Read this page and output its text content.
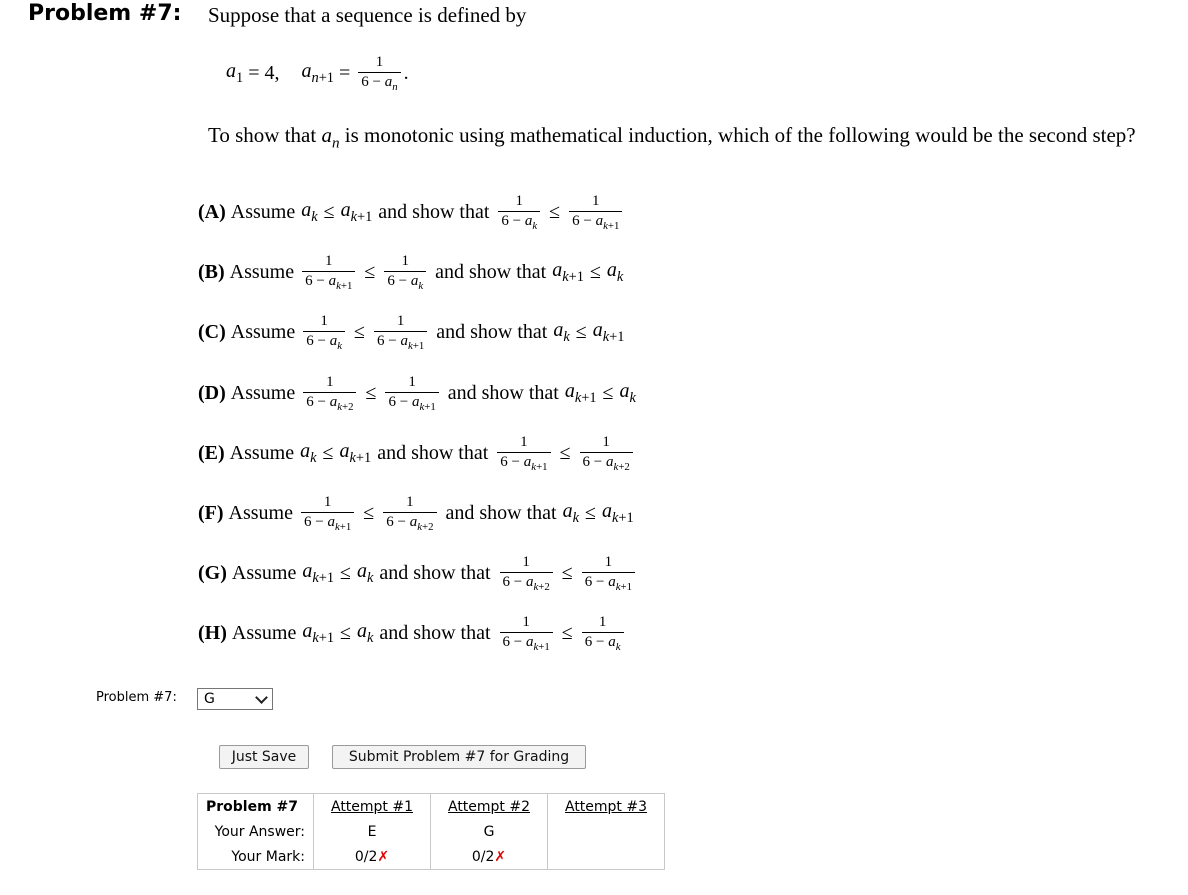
Problem #7: Suppose that a sequence is defined by
$a_1 = 4$, $a_{n+1} = \frac{1}{6 - a_n}$ .
To show that $a_n$ is monotonic using mathematical induction, which of the following would be the second step?
(A) Assume $a_k \le a_{k+1}$ and show that $\frac{1}{6 - a_k} \le \frac{1}{6 - a_{k+1}}$
(B) Assume $\frac{1}{6 - a_{k+1}} \le \frac{1}{6 - a_k}$ and show that $a_{k+1} \le a_k$
(C) Assume $\frac{1}{6 - a_k} \le \frac{1}{6 - a_{k+1}}$ and show that $a_k \le a_{k+1}$
(D) Assume $\frac{1}{6 - a_{k+2}} \le \frac{1}{6 - a_{k+1}}$ and show that $a_{k+1} \le a_k$
(E) Assume $a_k \le a_{k+1}$ and show that $\frac{1}{6 - a_{k+1}} \le \frac{1}{6 - a_{k+2}}$
(F) Assume $\frac{1}{6 - a_{k+1}} \le \frac{1}{6 - a_{k+2}}$ and show that $a_k \le a_{k+1}$
(G) Assume $a_{k+1} \le a_k$ and show that $\frac{1}{6 - a_{k+2}} \le \frac{1}{6 - a_{k+1}}$
(H) Assume $a_{k+1} \le a_k$ and show that $\frac{1}{6 - a_{k+1}} \le \frac{1}{6 - a_k}$
Problem #7: G
Just Save	Submit Problem #7 for Grading
Problem #7	Attempt #1	Attempt #2	Attempt #3
Your Answer:	E	G	
Your Mark:	0/2✗	0/2✗	
